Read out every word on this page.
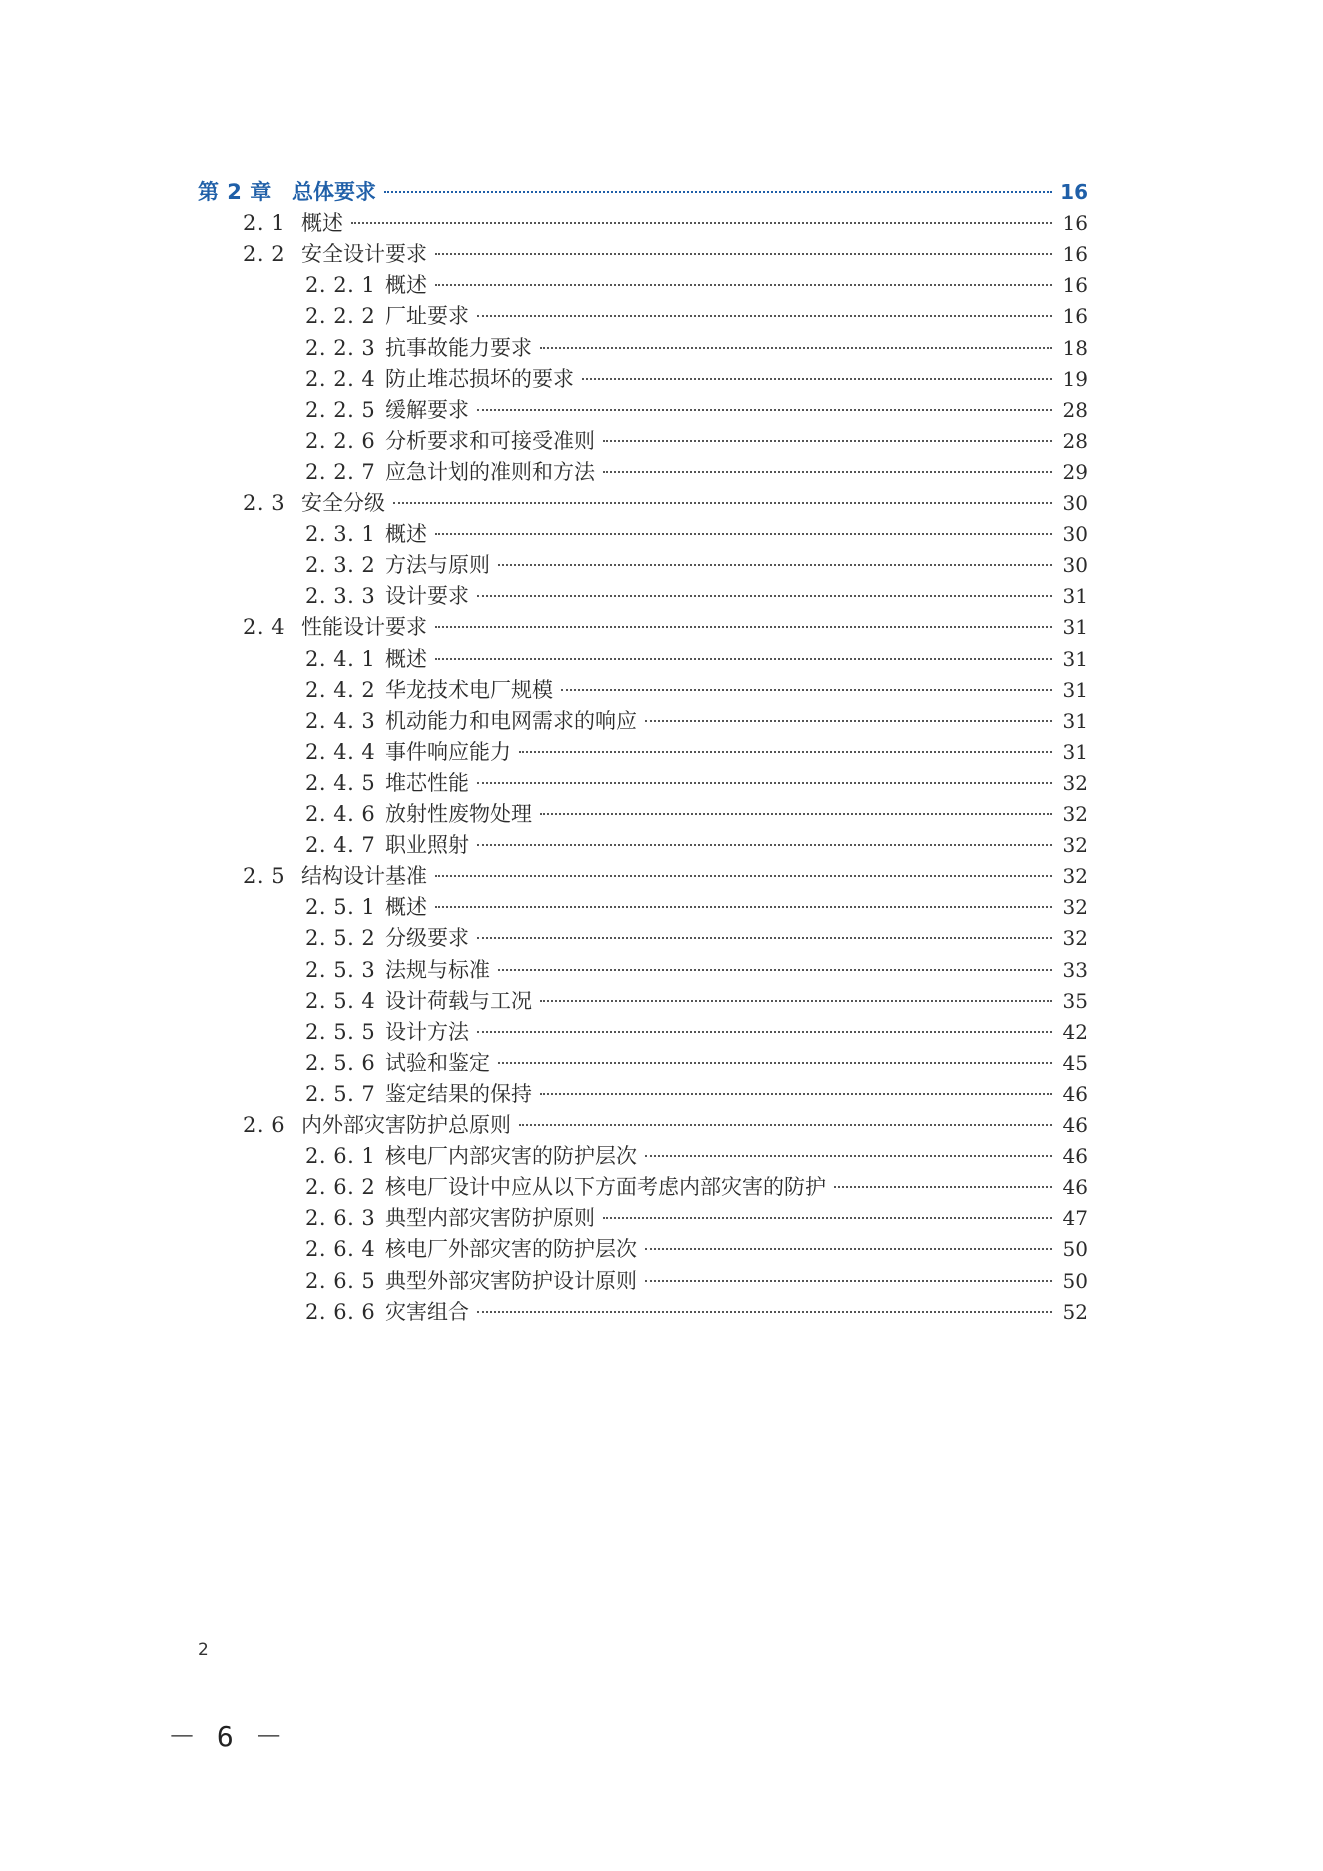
第 2 章 总体要求	16
2. 1 概述	16
2. 2 安全设计要求	16
2. 2. 1 概述	16
2. 2. 2 厂址要求	16
2. 2. 3 抗事故能力要求	18
2. 2. 4 防止堆芯损坏的要求	19
2. 2. 5 缓解要求	28
2. 2. 6 分析要求和可接受准则	28
2. 2. 7 应急计划的准则和方法	29
2. 3 安全分级	30
2. 3. 1 概述	30
2. 3. 2 方法与原则	30
2. 3. 3 设计要求	31
2. 4 性能设计要求	31
2. 4. 1 概述	31
2. 4. 2 华龙技术电厂规模	31
2. 4. 3 机动能力和电网需求的响应	31
2. 4. 4 事件响应能力	31
2. 4. 5 堆芯性能	32
2. 4. 6 放射性废物处理	32
2. 4. 7 职业照射	32
2. 5 结构设计基准	32
2. 5. 1 概述	32
2. 5. 2 分级要求	32
2. 5. 3 法规与标准	33
2. 5. 4 设计荷载与工况	35
2. 5. 5 设计方法	42
2. 5. 6 试验和鉴定	45
2. 5. 7 鉴定结果的保持	46
2. 6 内外部灾害防护总原则	46
2. 6. 1 核电厂内部灾害的防护层次	46
2. 6. 2 核电厂设计中应从以下方面考虑内部灾害的防护	46
2. 6. 3 典型内部灾害防护原则	47
2. 6. 4 核电厂外部灾害的防护层次	50
2. 6. 5 典型外部灾害防护设计原则	50
2. 6. 6 灾害组合	52
2
－ 6 －
